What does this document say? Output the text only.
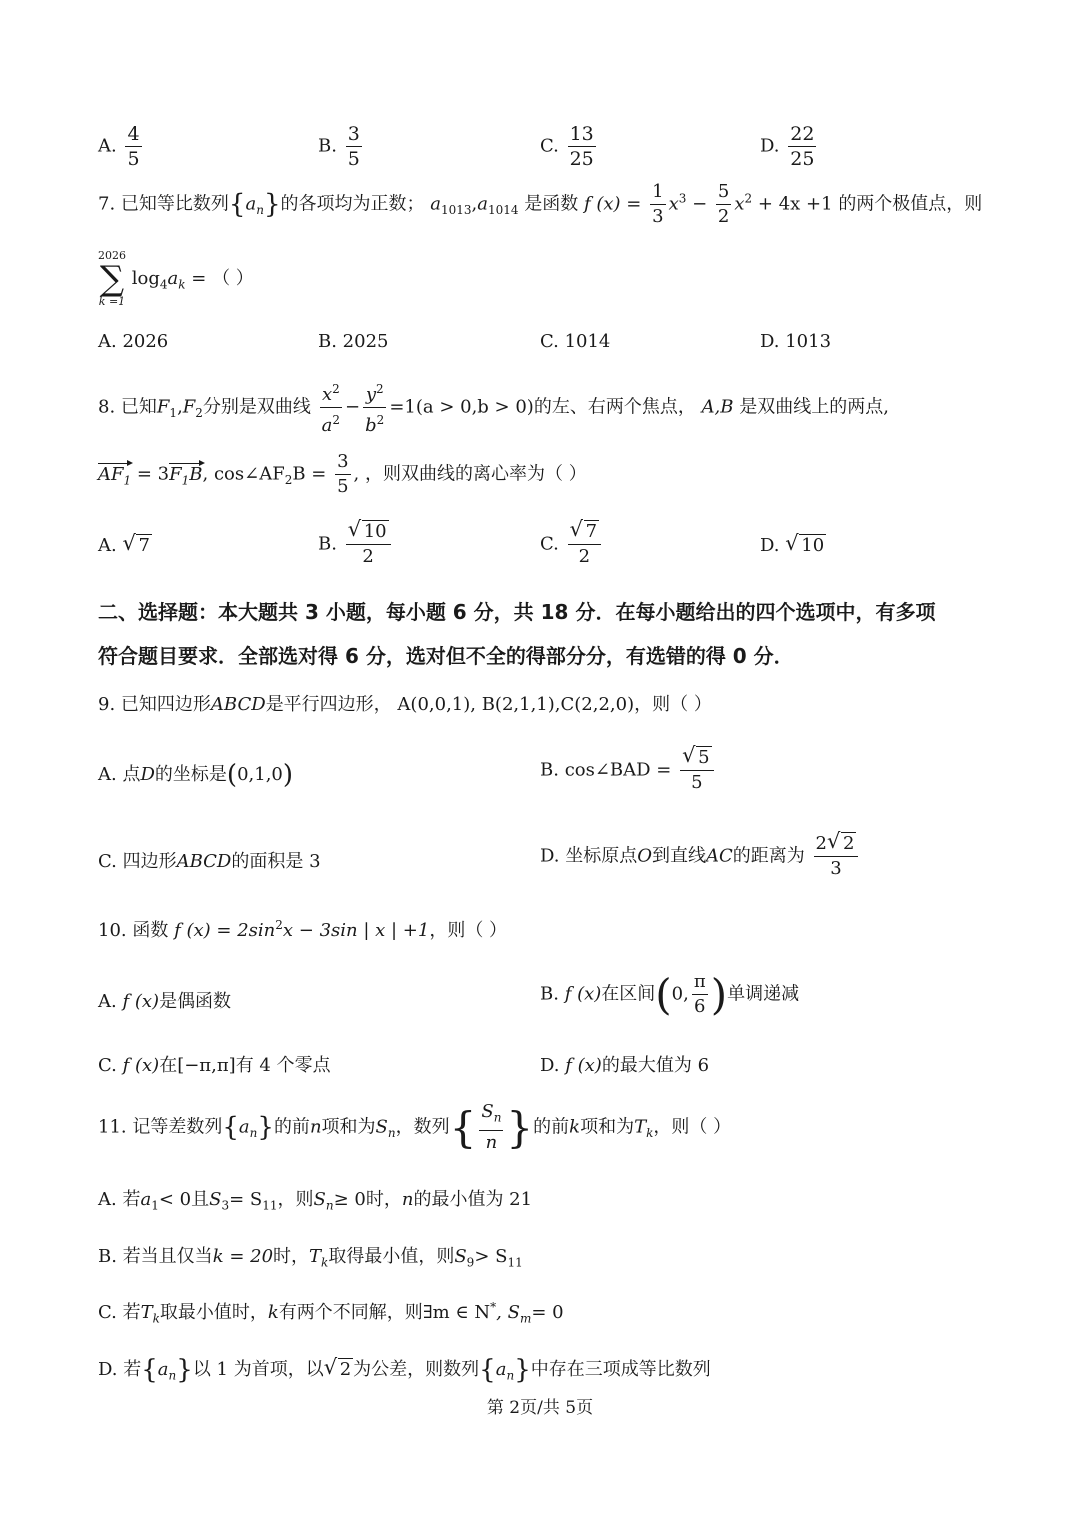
A. $\frac{4}{5}$	B. $\frac{3}{5}$	C. $\frac{13}{25}$	D. $\frac{22}{25}$
7. 已知等比数列$\{a_n\}$的各项均为正数； $a_{1013},a_{1014}$ 是函数 f $(x) = \frac{1}{3} x^3 - \frac{5}{2} x^2 + 4x +1$ 的两个极值点，则
2026
∑
k =1
$\log_4a_k$ = （ ）
A. 2026	B. 2025	C. 1014	D. 1013
8. 已知$F_1,F_2$分别是双曲线 $\frac{x^2}{a^2} - \frac{y^2}{b^2} =1(a > 0,b > 0)$的左、右两个焦点， A,B 是双曲线上的两点,
$AF_1 = 3F_1B$, $\cos\angle AF_2B = \frac{3}{5}$ , ，则双曲线的离心率为（ ）
A. √ 7	B. √ $\frac{10}{2}$	C. √ $\frac{7}{2}$	D. √ 10
二、选择题：本大题共 3 小题，每小题 6 分，共 18 分．在每小题给出的四个选项中，有多项
符合题目要求．全部选对得 6 分，选对但不全的得部分分，有选错的得 0 分．
9. 已知四边形ABCD是平行四边形， A(0,0,1), B(2,1,1),C(2,2,0)，则（ ）
A. 点D的坐标是(0,1,0)	B. cos∠BAD = √ $\frac{5}{5}$
C. 四边形ABCD的面积是 3	D. 坐标原点O到直线AC的距离为 $\frac{2 √ 2}{3}$
10. 函数 f $(x) = 2\sin^2x - 3\sin$ | x | +1，则（ ）
A. f (x)是偶函数	B. f (x)在区间(0, $\frac{\pi}{6}$ )单调递减
C. f (x)在[−π,π]有 4 个零点	D. f (x)的最大值为 6
11. 记等差数列$\{a_n\}$的前n项和为$S_n$，数列{ $\frac{S_n}{n}$ }的前k项和为$T_k$，则（ ）
A. 若$a_1< 0$且$S_3= S_{11}$，则$S_n\ge 0$时，n的最小值为 21
B. 若当且仅当k = 20时，$T_k$取得最小值，则$S_9> S_{11}$
C. 若$T_k$取最小值时，k有两个不同解，则∃m ∈ N*, $S_m= 0$
D. 若$\{a_n\}$以 1 为首项，以 √ 2 为公差，则数列$\{a_n\}$中存在三项成等比数列
第 2页/共 5页
